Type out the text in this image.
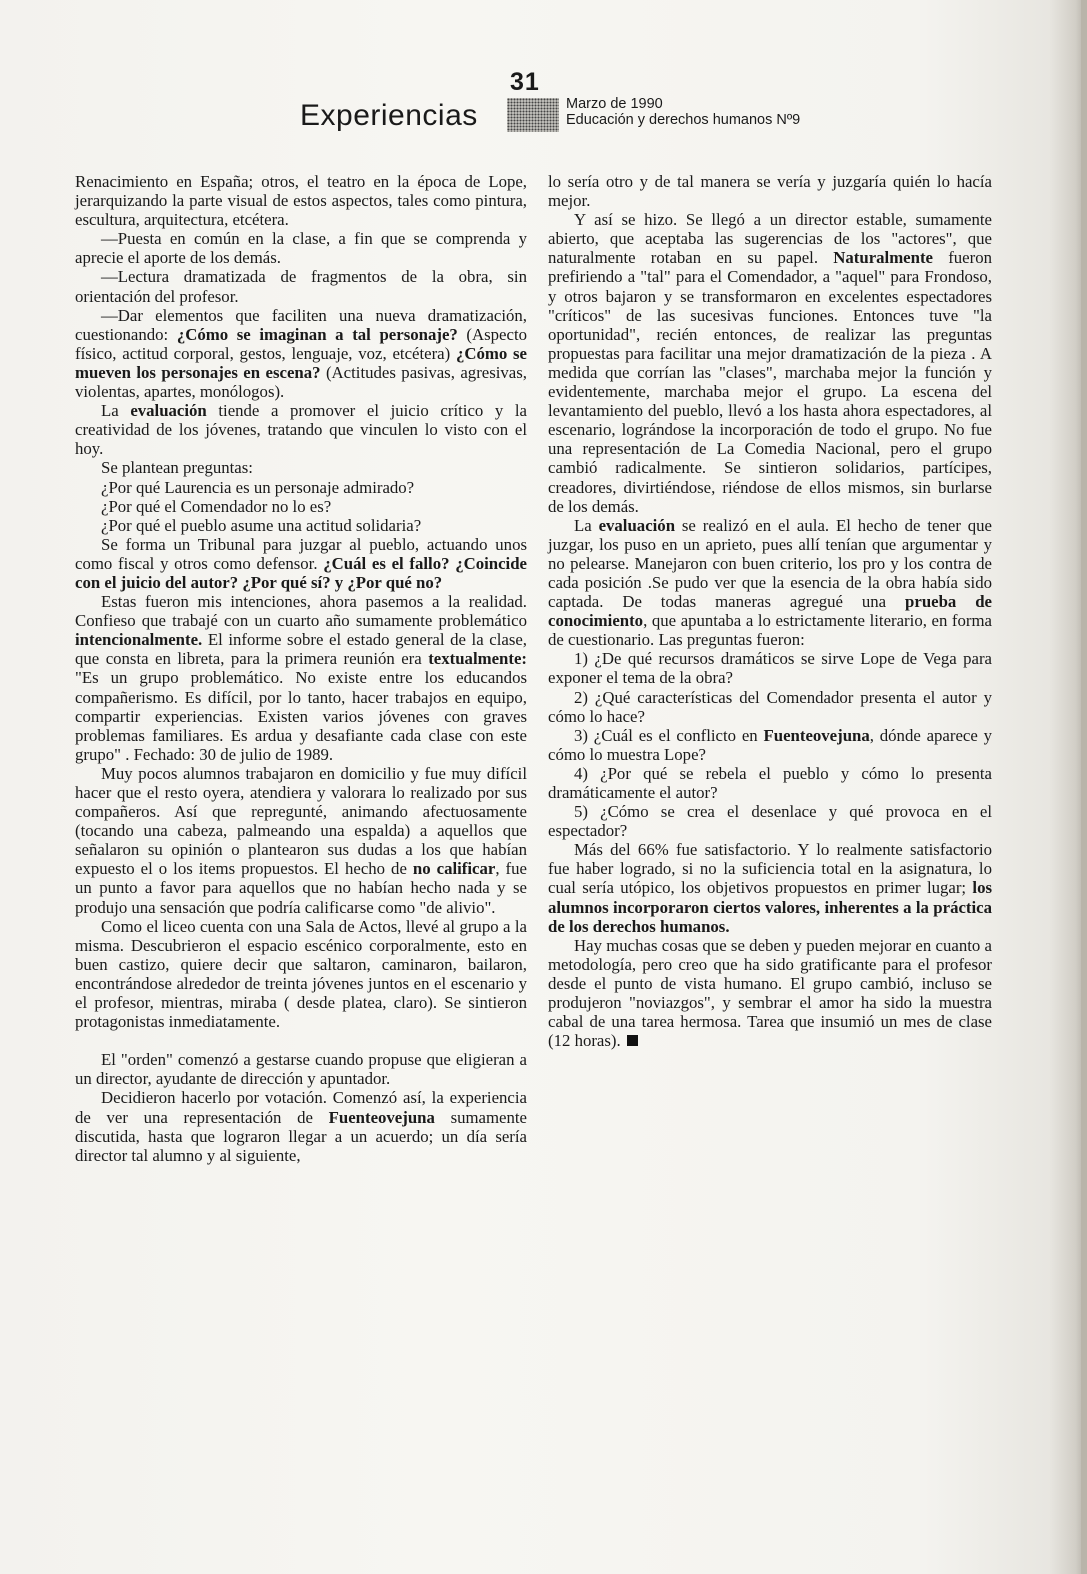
31
Experiencias	Marzo de 1990
Educación y derechos humanos Nº9

Renacimiento en España; otros, el teatro en la época de Lope, jerarquizando la parte visual de estos aspectos, tales como pintura, escultura, arquitectura, etcétera.

—Puesta en común en la clase, a fin que se comprenda y aprecie el aporte de los demás.

—Lectura dramatizada de fragmentos de la obra, sin orientación del profesor.

—Dar elementos que faciliten una nueva dramatización, cuestionando: ¿Cómo se imaginan a tal personaje? (Aspecto físico, actitud corporal, gestos, lenguaje, voz, etcétera) ¿Cómo se mueven los personajes en escena? (Actitudes pasivas, agresivas, violentas, apartes, monólogos).

La evaluación tiende a promover el juicio crítico y la creatividad de los jóvenes, tratando que vinculen lo visto con el hoy.

Se plantean preguntas:

¿Por qué Laurencia es un personaje admirado?

¿Por qué el Comendador no lo es?

¿Por qué el pueblo asume una actitud solidaria?

Se forma un Tribunal para juzgar al pueblo, actuando unos como fiscal y otros como defensor. ¿Cuál es el fallo? ¿Coincide con el juicio del autor? ¿Por qué sí? y ¿Por qué no?

Estas fueron mis intenciones, ahora pasemos a la realidad. Confieso que trabajé con un cuarto año sumamente problemático intencionalmente. El informe sobre el estado general de la clase, que consta en libreta, para la primera reunión era textualmente: "Es un grupo problemático. No existe entre los educandos compañerismo. Es difícil, por lo tanto, hacer trabajos en equipo, compartir experiencias. Existen varios jóvenes con graves problemas familiares. Es ardua y desafiante cada clase con este grupo" . Fechado: 30 de julio de 1989.

Muy pocos alumnos trabajaron en domicilio y fue muy difícil hacer que el resto oyera, atendiera y valorara lo realizado por sus compañeros. Así que repregunté, animando afectuosamente (tocando una cabeza, palmeando una espalda) a aquellos que señalaron su opinión o plantearon sus dudas a los que habían expuesto el o los items propuestos. El hecho de no calificar, fue un punto a favor para aquellos que no habían hecho nada y se produjo una sensación que podría calificarse como "de alivio".

Como el liceo cuenta con una Sala de Actos, llevé al grupo a la misma. Descubrieron el espacio escénico corporalmente, esto en buen castizo, quiere decir que saltaron, caminaron, bailaron, encontrándose alrededor de treinta jóvenes juntos en el escenario y el profesor, mientras, miraba ( desde platea, claro). Se sintieron protagonistas inmediatamente.

El "orden" comenzó a gestarse cuando propuse que eligieran a un director, ayudante de dirección y apuntador.

Decidieron hacerlo por votación. Comenzó así, la experiencia de ver una representación de Fuenteovejuna sumamente discutida, hasta que lograron llegar a un acuerdo; un día sería director tal alumno y al siguiente,

lo sería otro y de tal manera se vería y juzgaría quién lo hacía mejor.

Y así se hizo. Se llegó a un director estable, sumamente abierto, que aceptaba las sugerencias de los "actores", que naturalmente rotaban en su papel. Naturalmente fueron prefiriendo a "tal" para el Comendador, a "aquel" para Frondoso, y otros bajaron y se transformaron en excelentes espectadores "críticos" de las sucesivas funciones. Entonces tuve "la oportunidad", recién entonces, de realizar las preguntas propuestas para facilitar una mejor dramatización de la pieza . A medida que corrían las "clases", marchaba mejor la función y evidentemente, marchaba mejor el grupo. La escena del levantamiento del pueblo, llevó a los hasta ahora espectadores, al escenario, lográndose la incorporación de todo el grupo. No fue una representación de La Comedia Nacional, pero el grupo cambió radicalmente. Se sintieron solidarios, partícipes, creadores, divirtiéndose, riéndose de ellos mismos, sin burlarse de los demás.

La evaluación se realizó en el aula. El hecho de tener que juzgar, los puso en un aprieto, pues allí tenían que argumentar y no pelearse. Manejaron con buen criterio, los pro y los contra de cada posición .Se pudo ver que la esencia de la obra había sido captada. De todas maneras agregué una prueba de conocimiento, que apuntaba a lo estrictamente literario, en forma de cuestionario. Las preguntas fueron:

1) ¿De qué recursos dramáticos se sirve Lope de Vega para exponer el tema de la obra?

2) ¿Qué características del Comendador presenta el autor y cómo lo hace?

3) ¿Cuál es el conflicto en Fuenteovejuna, dónde aparece y cómo lo muestra Lope?

4) ¿Por qué se rebela el pueblo y cómo lo presenta dramáticamente el autor?

5) ¿Cómo se crea el desenlace y qué provoca en el espectador?

Más del 66% fue satisfactorio. Y lo realmente satisfactorio fue haber logrado, si no la suficiencia total en la asignatura, lo cual sería utópico, los objetivos propuestos en primer lugar; los alumnos incorporaron ciertos valores, inherentes a la práctica de los derechos humanos.

Hay muchas cosas que se deben y pueden mejorar en cuanto a metodología, pero creo que ha sido gratificante para el profesor desde el punto de vista humano. El grupo cambió, incluso se produjeron "noviazgos", y sembrar el amor ha sido la muestra cabal de una tarea hermosa. Tarea que insumió un mes de clase (12 horas).
